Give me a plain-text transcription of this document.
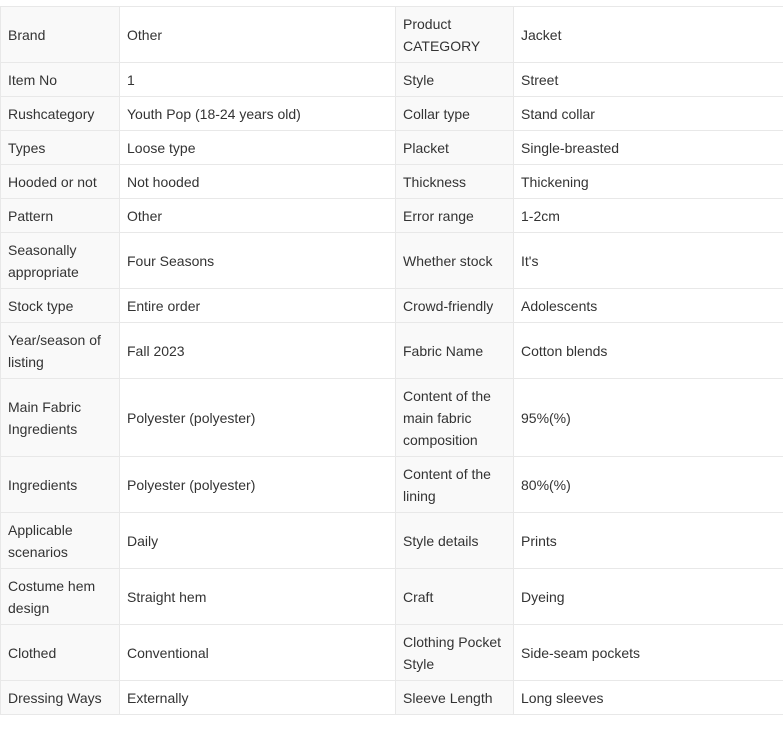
Brand	Other	Product CATEGORY	Jacket
Item No	1	Style	Street
Rushcategory	Youth Pop (18-24 years old)	Collar type	Stand collar
Types	Loose type	Placket	Single-breasted
Hooded or not	Not hooded	Thickness	Thickening
Pattern	Other	Error range	1-2cm
Seasonally appropriate	Four Seasons	Whether stock	It's
Stock type	Entire order	Crowd-friendly	Adolescents
Year/season of listing	Fall 2023	Fabric Name	Cotton blends
Main Fabric Ingredients	Polyester (polyester)	Content of the main fabric composition	95%(%)
Ingredients	Polyester (polyester)	Content of the lining	80%(%)
Applicable scenarios	Daily	Style details	Prints
Costume hem design	Straight hem	Craft	Dyeing
Clothed	Conventional	Clothing Pocket Style	Side-seam pockets
Dressing Ways	Externally	Sleeve Length	Long sleeves
